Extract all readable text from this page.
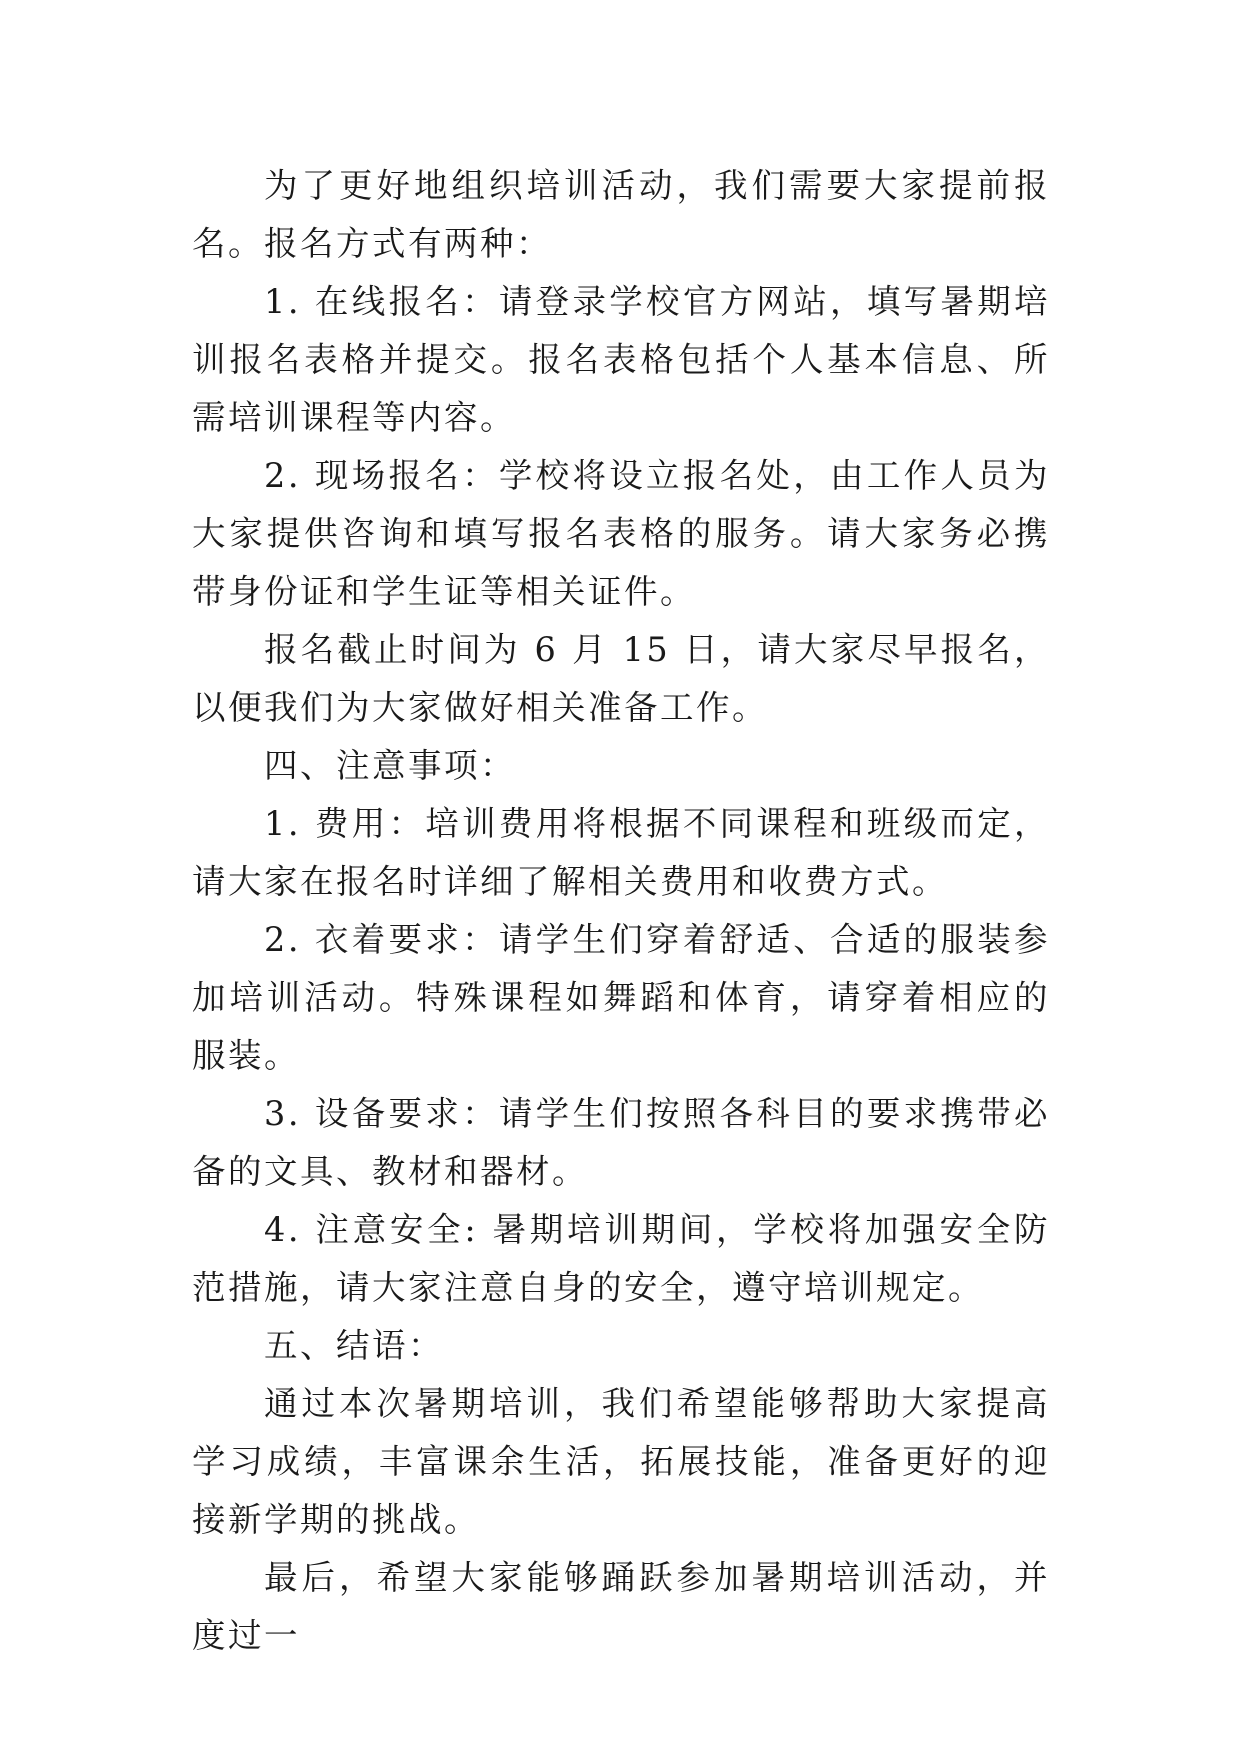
为了更好地组织培训活动，我们需要大家提前报名。报名方式有两种：

1. 在线报名：请登录学校官方网站，填写暑期培训报名表格并提交。报名表格包括个人基本信息、所需培训课程等内容。

2. 现场报名：学校将设立报名处，由工作人员为大家提供咨询和填写报名表格的服务。请大家务必携带身份证和学生证等相关证件。

报名截止时间为 6 月 15 日，请大家尽早报名，以便我们为大家做好相关准备工作。

四、注意事项：

1. 费用：培训费用将根据不同课程和班级而定，请大家在报名时详细了解相关费用和收费方式。

2. 衣着要求：请学生们穿着舒适、合适的服装参加培训活动。特殊课程如舞蹈和体育，请穿着相应的服装。

3. 设备要求：请学生们按照各科目的要求携带必备的文具、教材和器材。

4. 注意安全: 暑期培训期间，学校将加强安全防范措施，请大家注意自身的安全，遵守培训规定。

五、结语：

通过本次暑期培训，我们希望能够帮助大家提高学习成绩，丰富课余生活，拓展技能，准备更好的迎接新学期的挑战。

最后，希望大家能够踊跃参加暑期培训活动，并度过一
